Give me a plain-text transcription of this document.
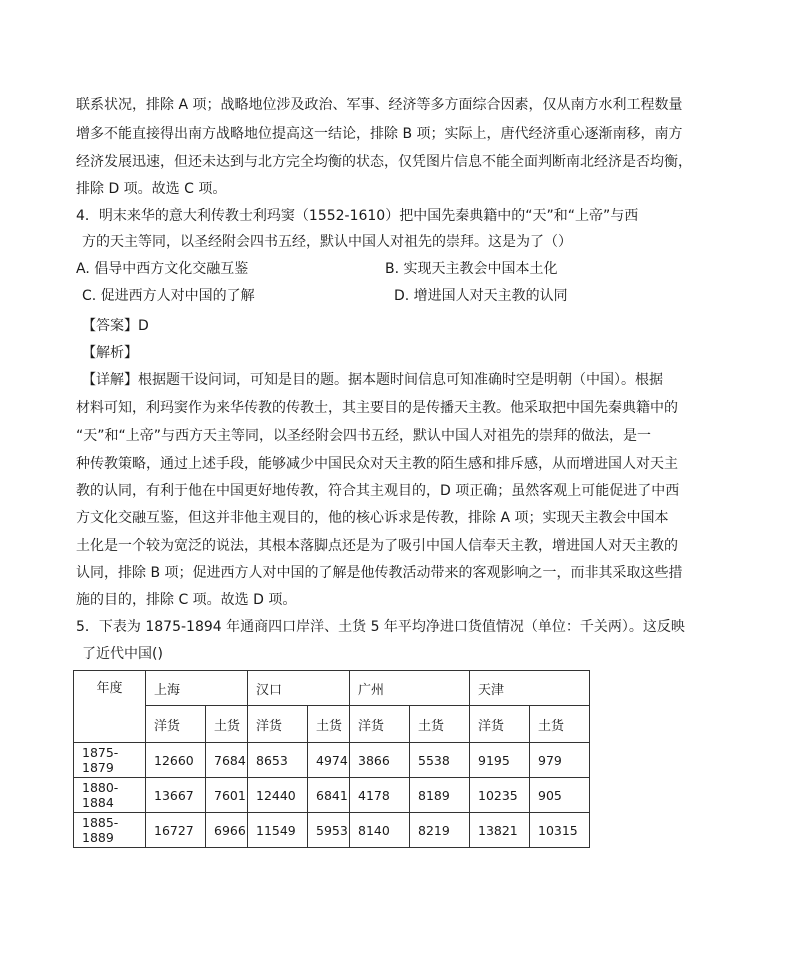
联系状况，排除 A 项；战略地位涉及政治、军事、经济等多方面综合因素，仅从南方水利工程数量
增多不能直接得出南方战略地位提高这一结论，排除 B 项；实际上，唐代经济重心逐渐南移，南方
经济发展迅速，但还未达到与北方完全均衡的状态，仅凭图片信息不能全面判断南北经济是否均衡，
排除 D 项。故选 C 项。
4．明末来华的意大利传教士利玛窦（1552-1610）把中国先秦典籍中的“天”和“上帝”与西
方的天主等同，以圣经附会四书五经，默认中国人对祖先的崇拜。这是为了（）
A. 倡导中西方文化交融互鉴	B. 实现天主教会中国本土化
C. 促进西方人对中国的了解	D. 增进国人对天主教的认同
【答案】D
【解析】
【详解】根据题干设问词，可知是目的题。据本题时间信息可知准确时空是明朝（中国）。根据
材料可知，利玛窦作为来华传教的传教士，其主要目的是传播天主教。他采取把中国先秦典籍中的
“天”和“上帝”与西方天主等同，以圣经附会四书五经，默认中国人对祖先的崇拜的做法，是一
种传教策略，通过上述手段，能够减少中国民众对天主教的陌生感和排斥感，从而增进国人对天主
教的认同，有利于他在中国更好地传教，符合其主观目的，D 项正确；虽然客观上可能促进了中西
方文化交融互鉴，但这并非他主观目的，他的核心诉求是传教，排除 A 项；实现天主教会中国本
土化是一个较为宽泛的说法，其根本落脚点还是为了吸引中国人信奉天主教，增进国人对天主教的
认同，排除 B 项；促进西方人对中国的了解是他传教活动带来的客观影响之一，而非其采取这些措
施的目的，排除 C 项。故选 D 项。
5．下表为 1875-1894 年通商四口岸洋、土货 5 年平均净进口货值情况（单位：千关两）。这反映
了近代中国()
年度	上海		汉口		广州		天津	
	洋货	土货	洋货	土货	洋货	土货	洋货	土货
1875-1879	12660	7684	8653	4974	3866	5538	9195	979
1880-1884	13667	7601	12440	6841	4178	8189	10235	905
1885-1889	16727	6966	11549	5953	8140	8219	13821	10315
